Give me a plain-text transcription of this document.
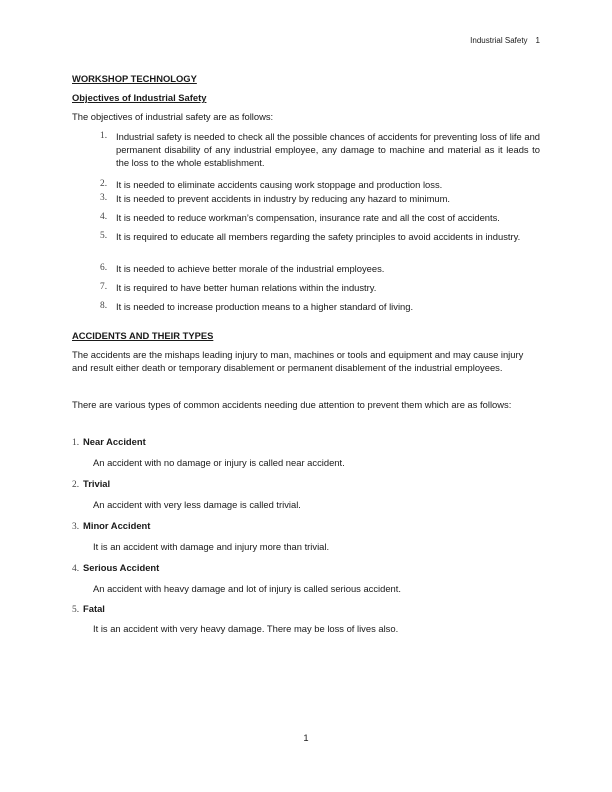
Industrial Safety 1
WORKSHOP TECHNOLOGY
Objectives of Industrial Safety
The objectives of industrial safety are as follows:
1. Industrial safety is needed to check all the possible chances of accidents for preventing loss of life and permanent disability of any industrial employee, any damage to machine and material as it leads to the loss to the whole establishment.
2. It is needed to eliminate accidents causing work stoppage and production loss.
3. It is needed to prevent accidents in industry by reducing any hazard to minimum.
4. It is needed to reduce workman’s compensation, insurance rate and all the cost of accidents.
5. It is required to educate all members regarding the safety principles to avoid accidents in industry.
6. It is needed to achieve better morale of the industrial employees.
7. It is required to have better human relations within the industry.
8. It is needed to increase production means to a higher standard of living.
ACCIDENTS AND THEIR TYPES
The accidents are the mishaps leading injury to man, machines or tools and equipment and may cause injury and result either death or temporary disablement or permanent disablement of the industrial employees.
There are various types of common accidents needing due attention to prevent them which are as follows:
1. Near Accident
An accident with no damage or injury is called near accident.
2. Trivial
An accident with very less damage is called trivial.
3. Minor Accident
It is an accident with damage and injury more than trivial.
4. Serious Accident
An accident with heavy damage and lot of injury is called serious accident.
5. Fatal
It is an accident with very heavy damage. There may be loss of lives also.
1
